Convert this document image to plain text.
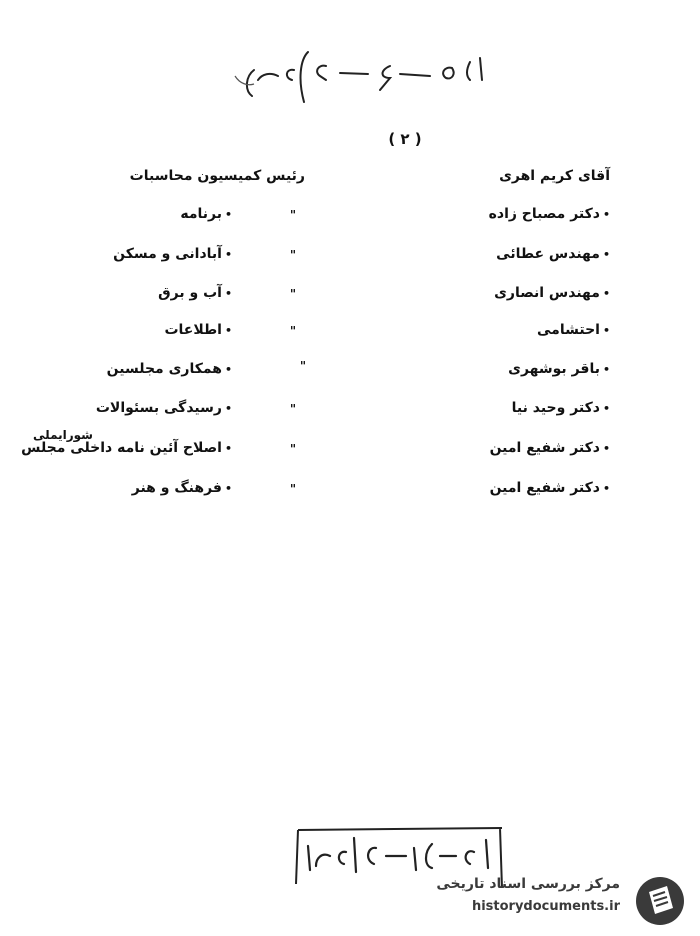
( ٢ )
آقای کریم اهری
رئیس کمیسیون محاسبات
•دکتر مصباح زاده
"
•برنامه
•مهندس عطائی
"
•آبادانی و مسکن
•مهندس انصاری
"
•آب و برق
•احتشامی
"
•اطلاعات
•باقر بوشهری
"
•همکاری مجلسین
•دکتر وحید نیا
"
•رسیدگی بسئوالات
•دکتر شفیع امین
"
•اصلاح آئین نامه داخلی مجلس
شورایملی
•دکتر شفیع امین
"
•فرهنگ و هنر
مرکز بررسی اسناد تاریخی
historydocuments.ir
